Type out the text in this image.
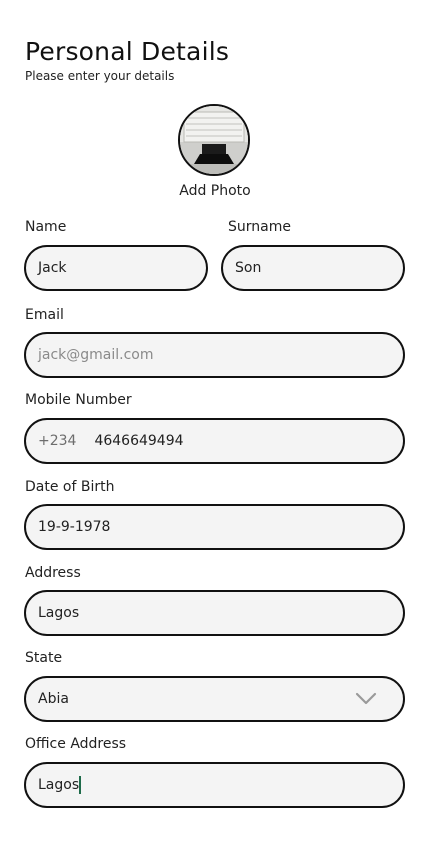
Personal Details
Please enter your details
Add Photo
Name	Surname
Jack	Son
Email
jack@gmail.com
Mobile Number
+234 4646649494
Date of Birth
19-9-1978
Address
Lagos
State
Abia
Office Address
Lagos
